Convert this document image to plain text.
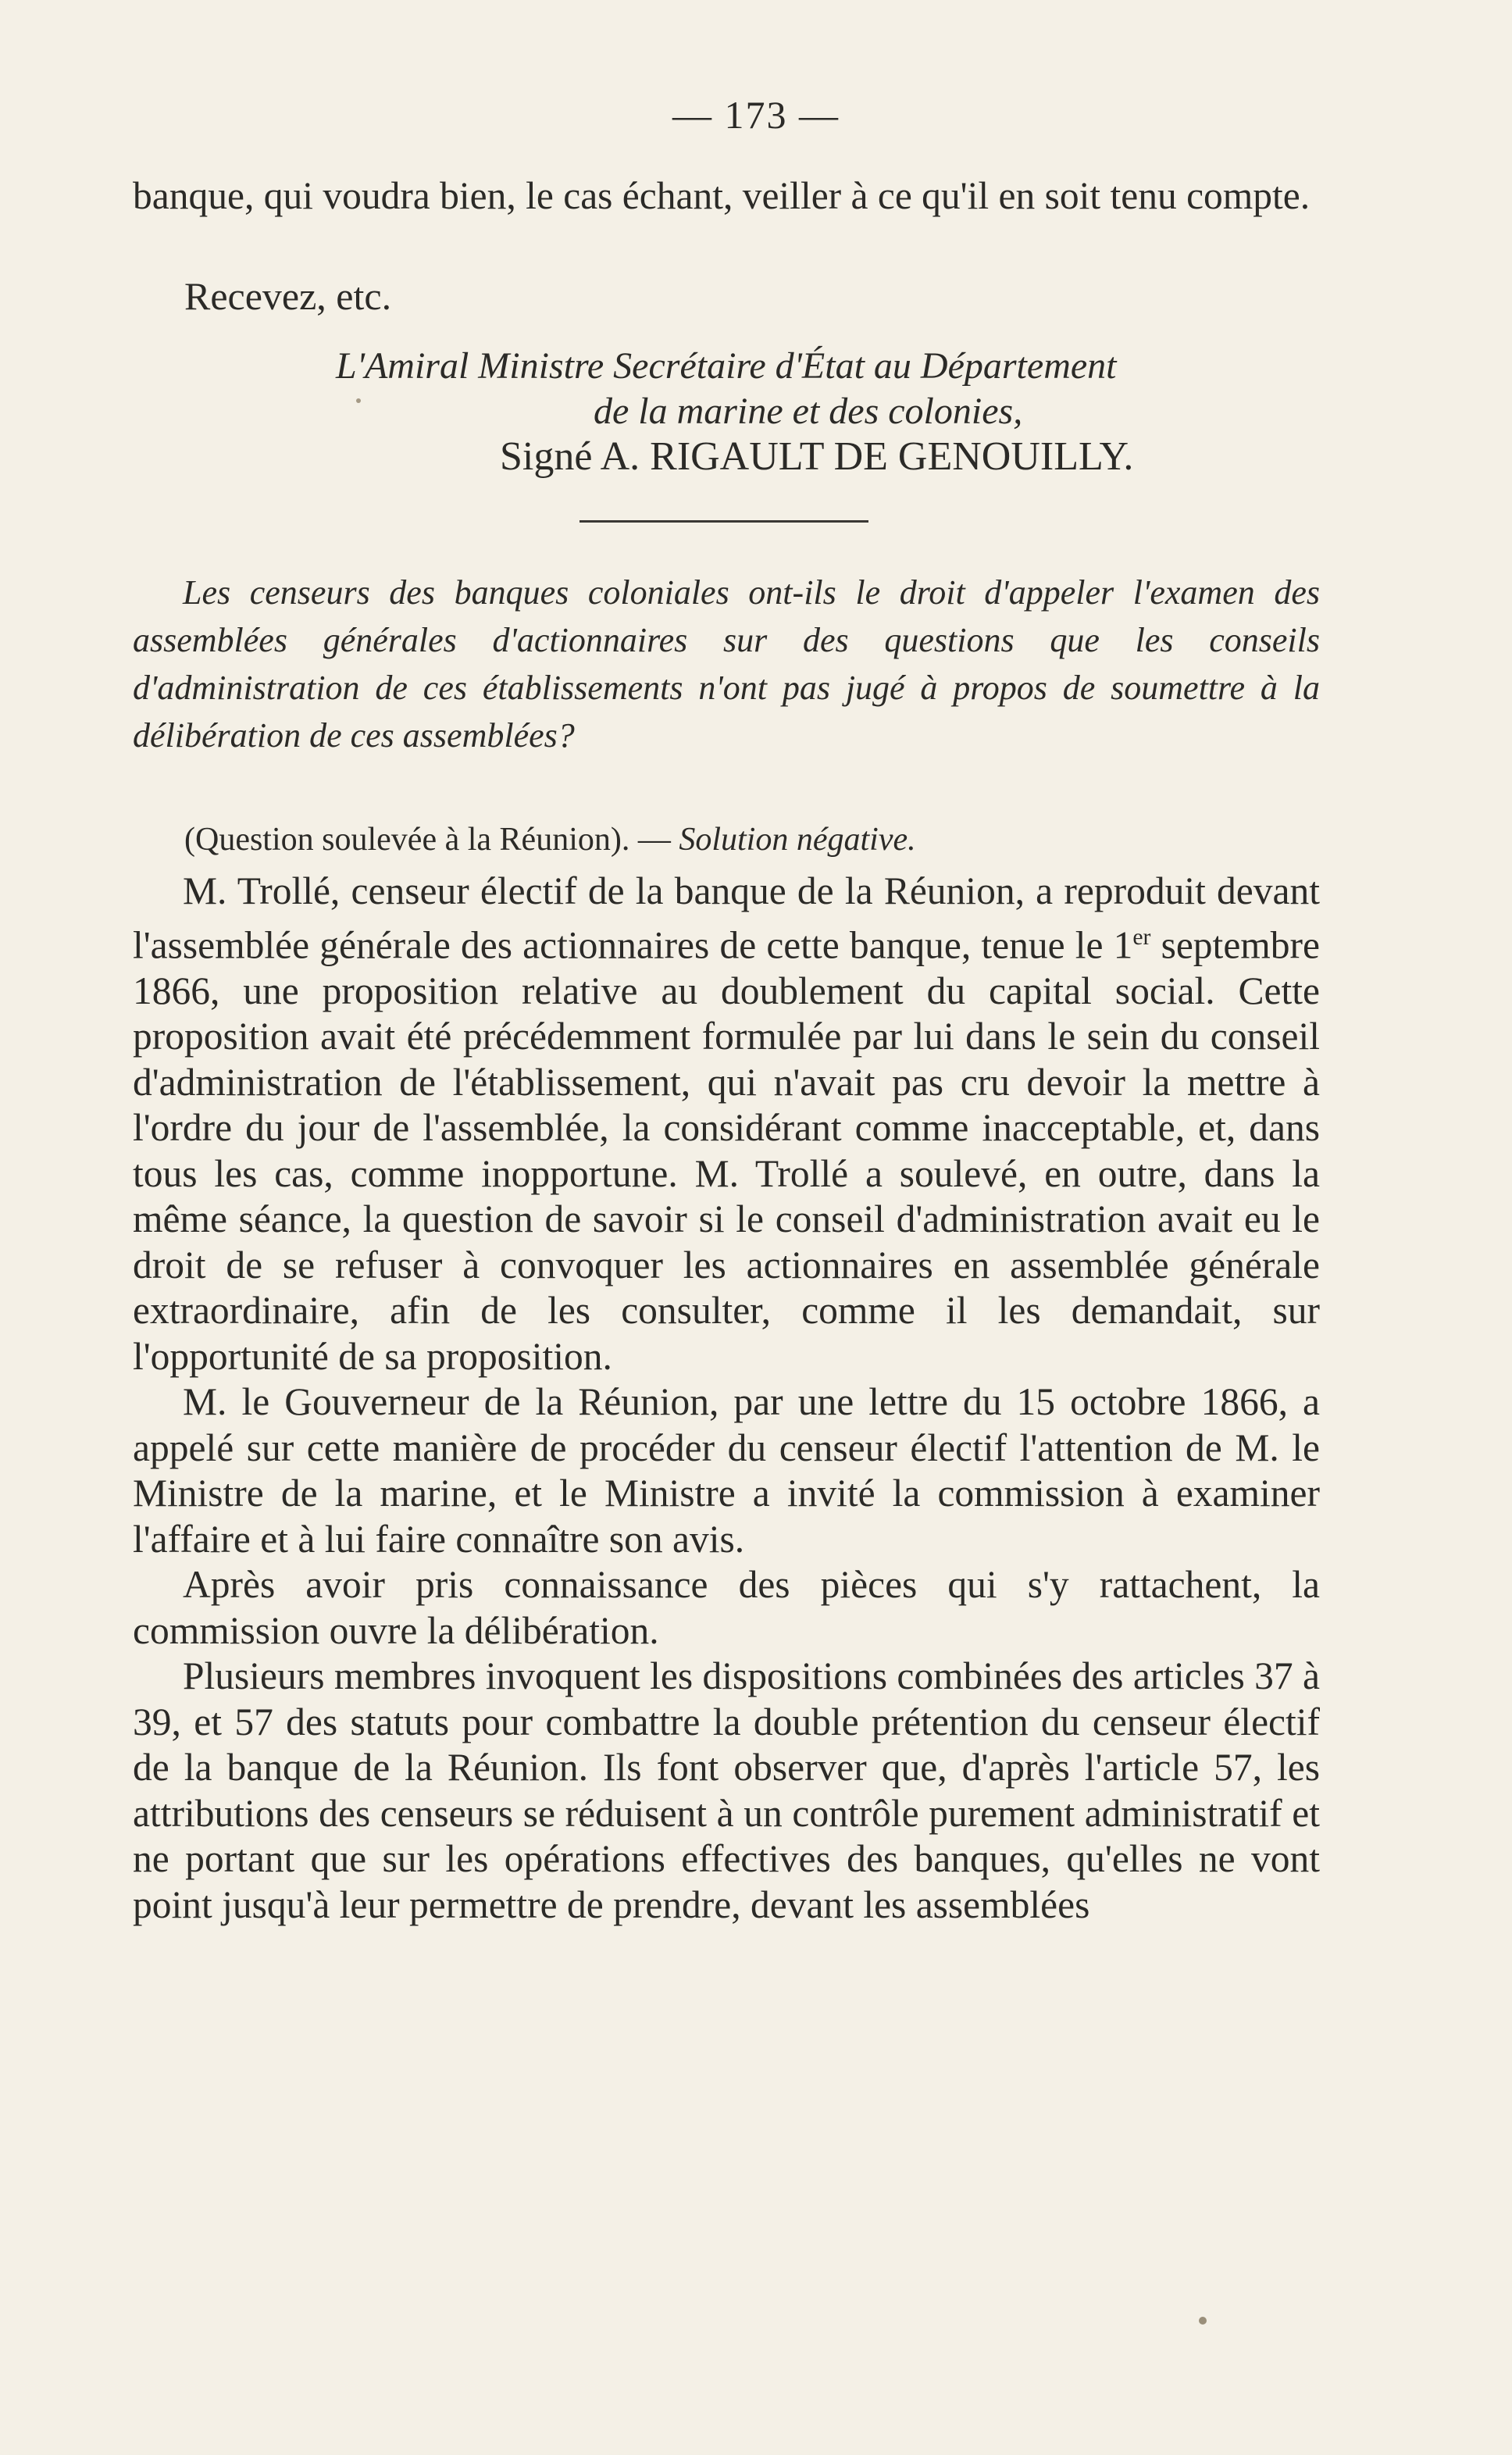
— 173 —

banque, qui voudra bien, le cas échant, veiller à ce qu'il en soit tenu compte.

Recevez, etc.
L'Amiral Ministre Secrétaire d'État au Département
de la marine et des colonies,
Signé A. RIGAULT DE GENOUILLY.
Les censeurs des banques coloniales ont-ils le droit d'appeler l'examen des assemblées générales d'actionnaires sur des questions que les conseils d'administration de ces établissements n'ont pas jugé à propos de soumettre à la délibération de ces assemblées?
(Question soulevée à la Réunion). — Solution négative.

M. Trollé, censeur électif de la banque de la Réunion, a reproduit devant l'assemblée générale des actionnaires de cette banque, tenue le 1er septembre 1866, une proposition relative au doublement du capital social. Cette proposition avait été précédemment formulée par lui dans le sein du conseil d'administration de l'établissement, qui n'avait pas cru devoir la mettre à l'ordre du jour de l'assemblée, la considérant comme inacceptable, et, dans tous les cas, comme inopportune. M. Trollé a soulevé, en outre, dans la même séance, la question de savoir si le conseil d'administration avait eu le droit de se refuser à convoquer les actionnaires en assemblée générale extraordinaire, afin de les consulter, comme il les demandait, sur l'opportunité de sa proposition.

M. le Gouverneur de la Réunion, par une lettre du 15 octobre 1866, a appelé sur cette manière de procéder du censeur électif l'attention de M. le Ministre de la marine, et le Ministre a invité la commission à examiner l'affaire et à lui faire connaître son avis.

Après avoir pris connaissance des pièces qui s'y rattachent, la commission ouvre la délibération.

Plusieurs membres invoquent les dispositions combinées des articles 37 à 39, et 57 des statuts pour combattre la double prétention du censeur électif de la banque de la Réunion. Ils font observer que, d'après l'article 57, les attributions des censeurs se réduisent à un contrôle purement administratif et ne portant que sur les opérations effectives des banques, qu'elles ne vont point jusqu'à leur permettre de prendre, devant les assemblées
